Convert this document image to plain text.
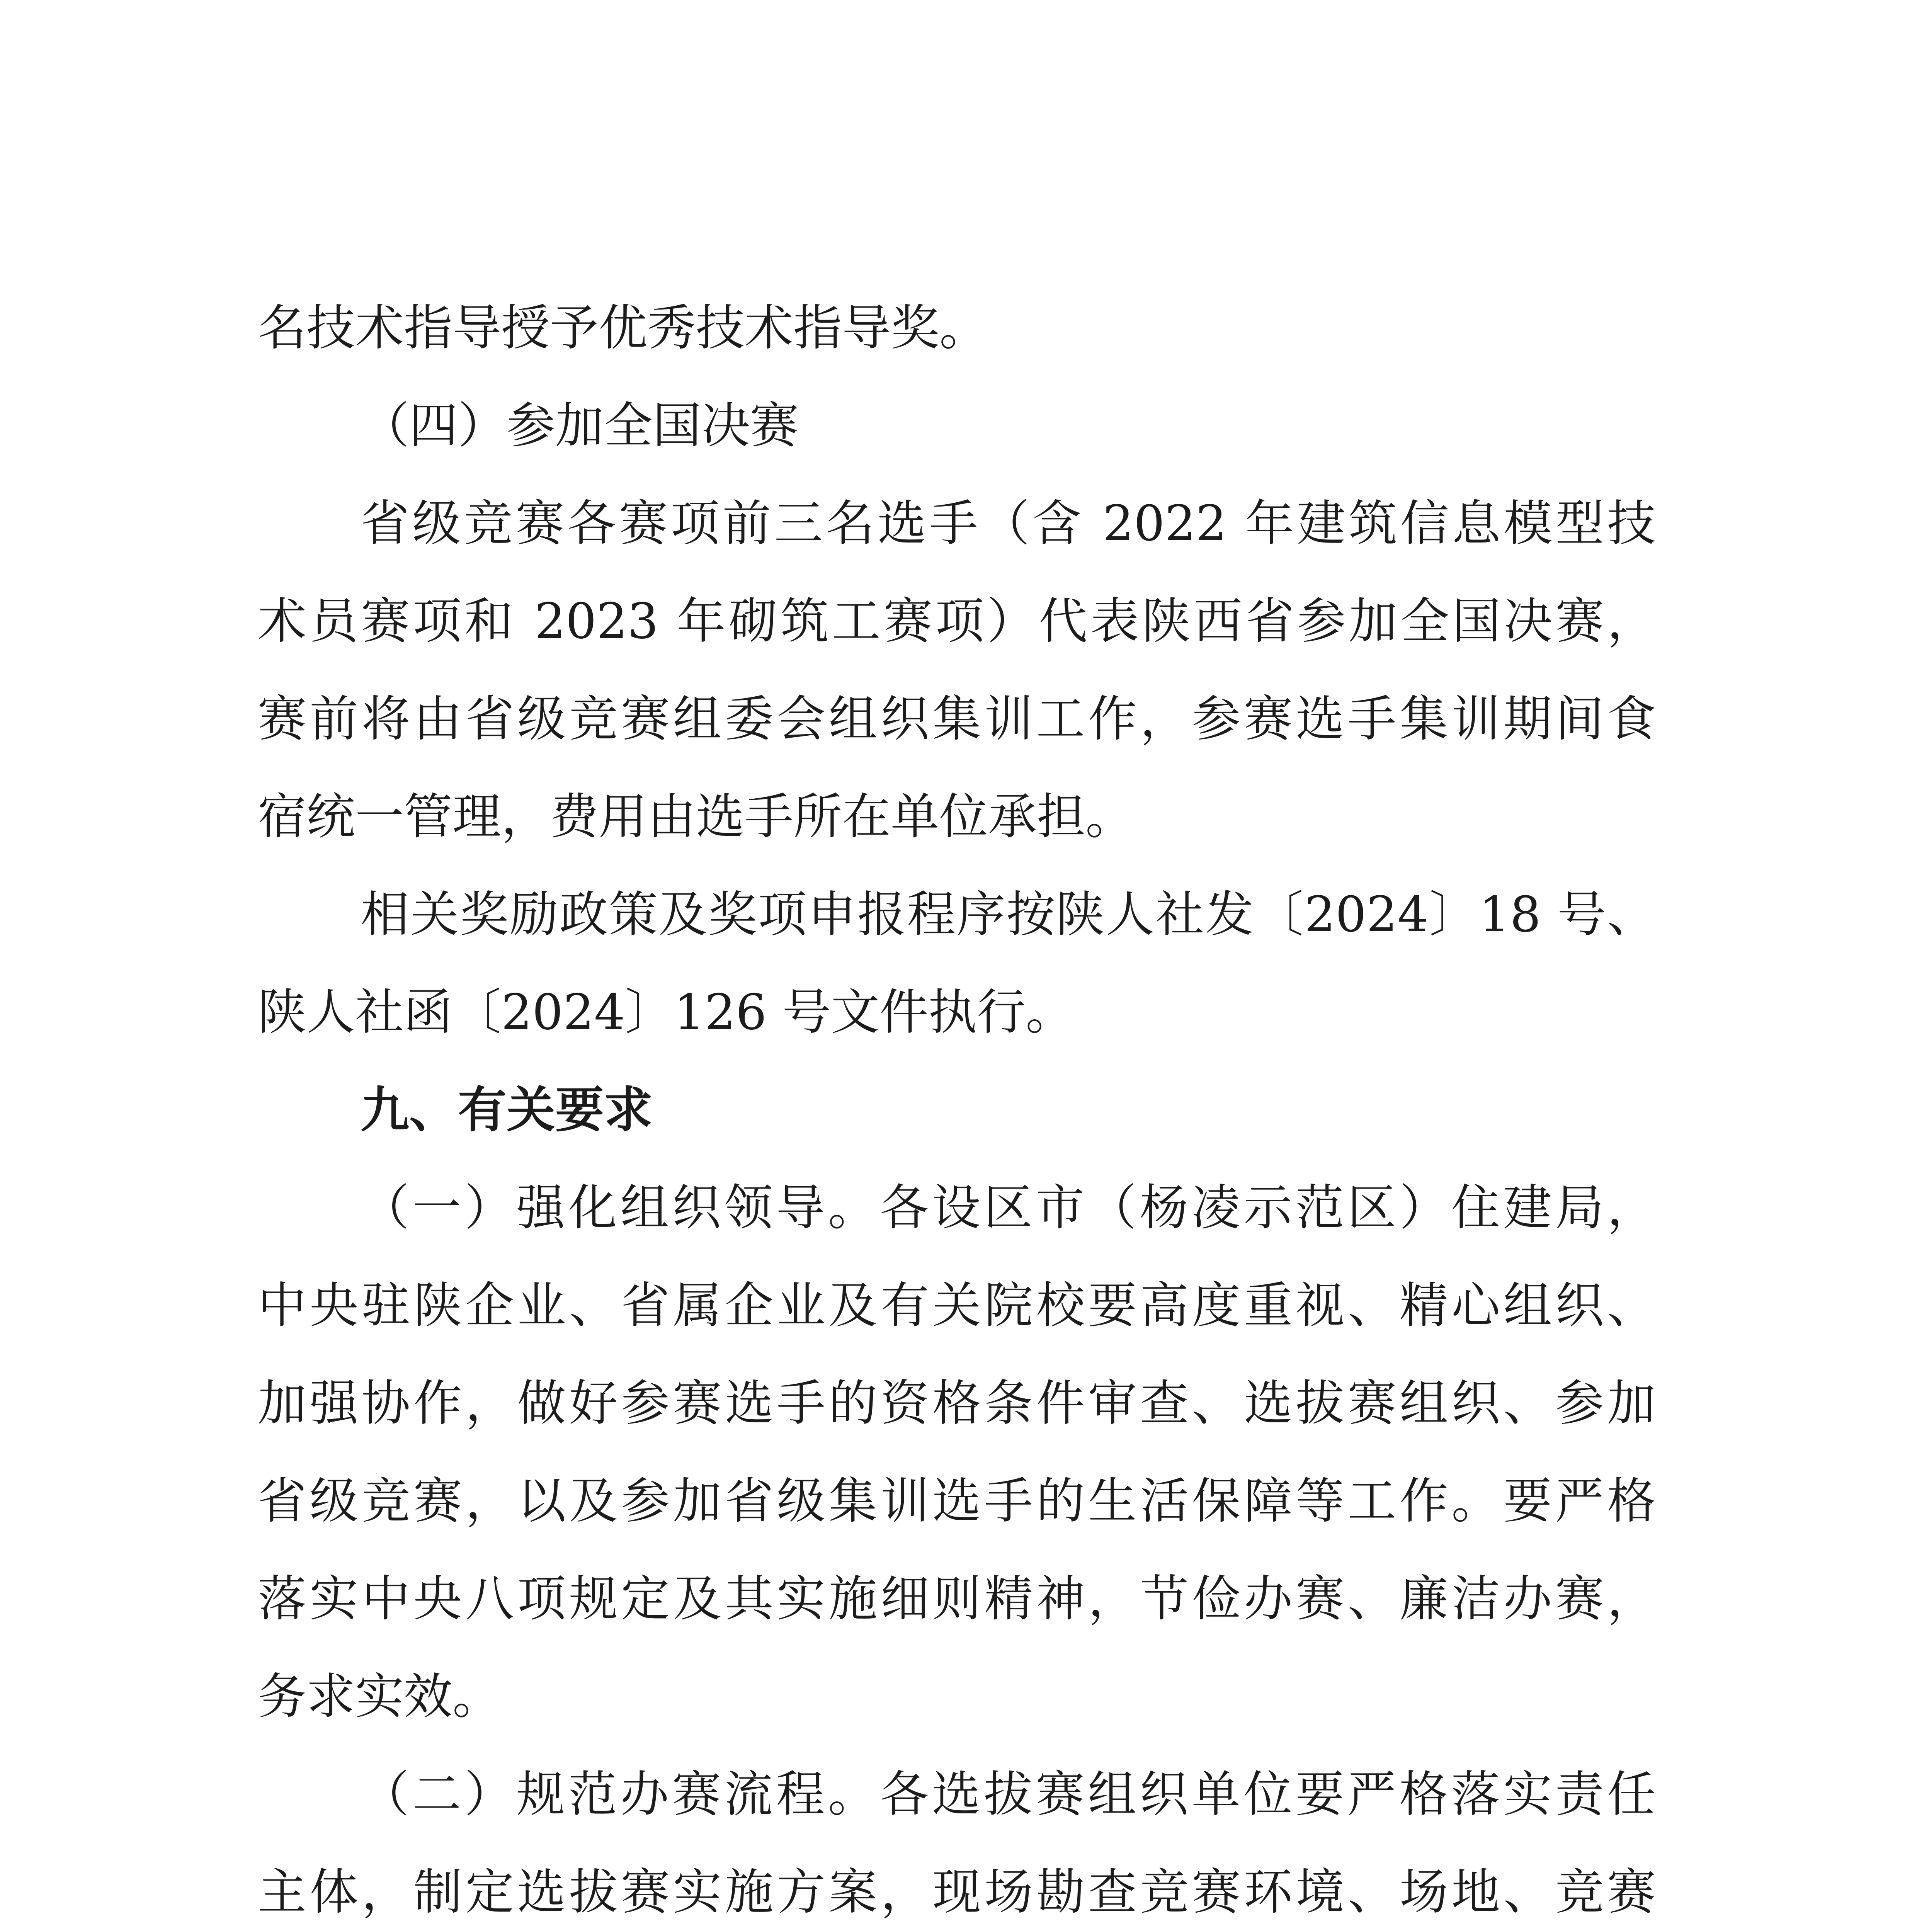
名技术指导授予优秀技术指导奖。
（四）参加全国决赛
省级竞赛各赛项前三名选手（含 2022 年建筑信息模型技
术员赛项和 2023 年砌筑工赛项）代表陕西省参加全国决赛，
赛前将由省级竞赛组委会组织集训工作，参赛选手集训期间食
宿统一管理，费用由选手所在单位承担。
相关奖励政策及奖项申报程序按陕人社发〔2024〕18 号、
陕人社函〔2024〕126 号文件执行。
九、有关要求
（一）强化组织领导。各设区市（杨凌示范区）住建局，
中央驻陕企业、省属企业及有关院校要高度重视、精心组织、
加强协作，做好参赛选手的资格条件审查、选拔赛组织、参加
省级竞赛，以及参加省级集训选手的生活保障等工作。要严格
落实中央八项规定及其实施细则精神，节俭办赛、廉洁办赛，
务求实效。
（二）规范办赛流程。各选拔赛组织单位要严格落实责任
主体，制定选拔赛实施方案，现场勘查竞赛环境、场地、竞赛
